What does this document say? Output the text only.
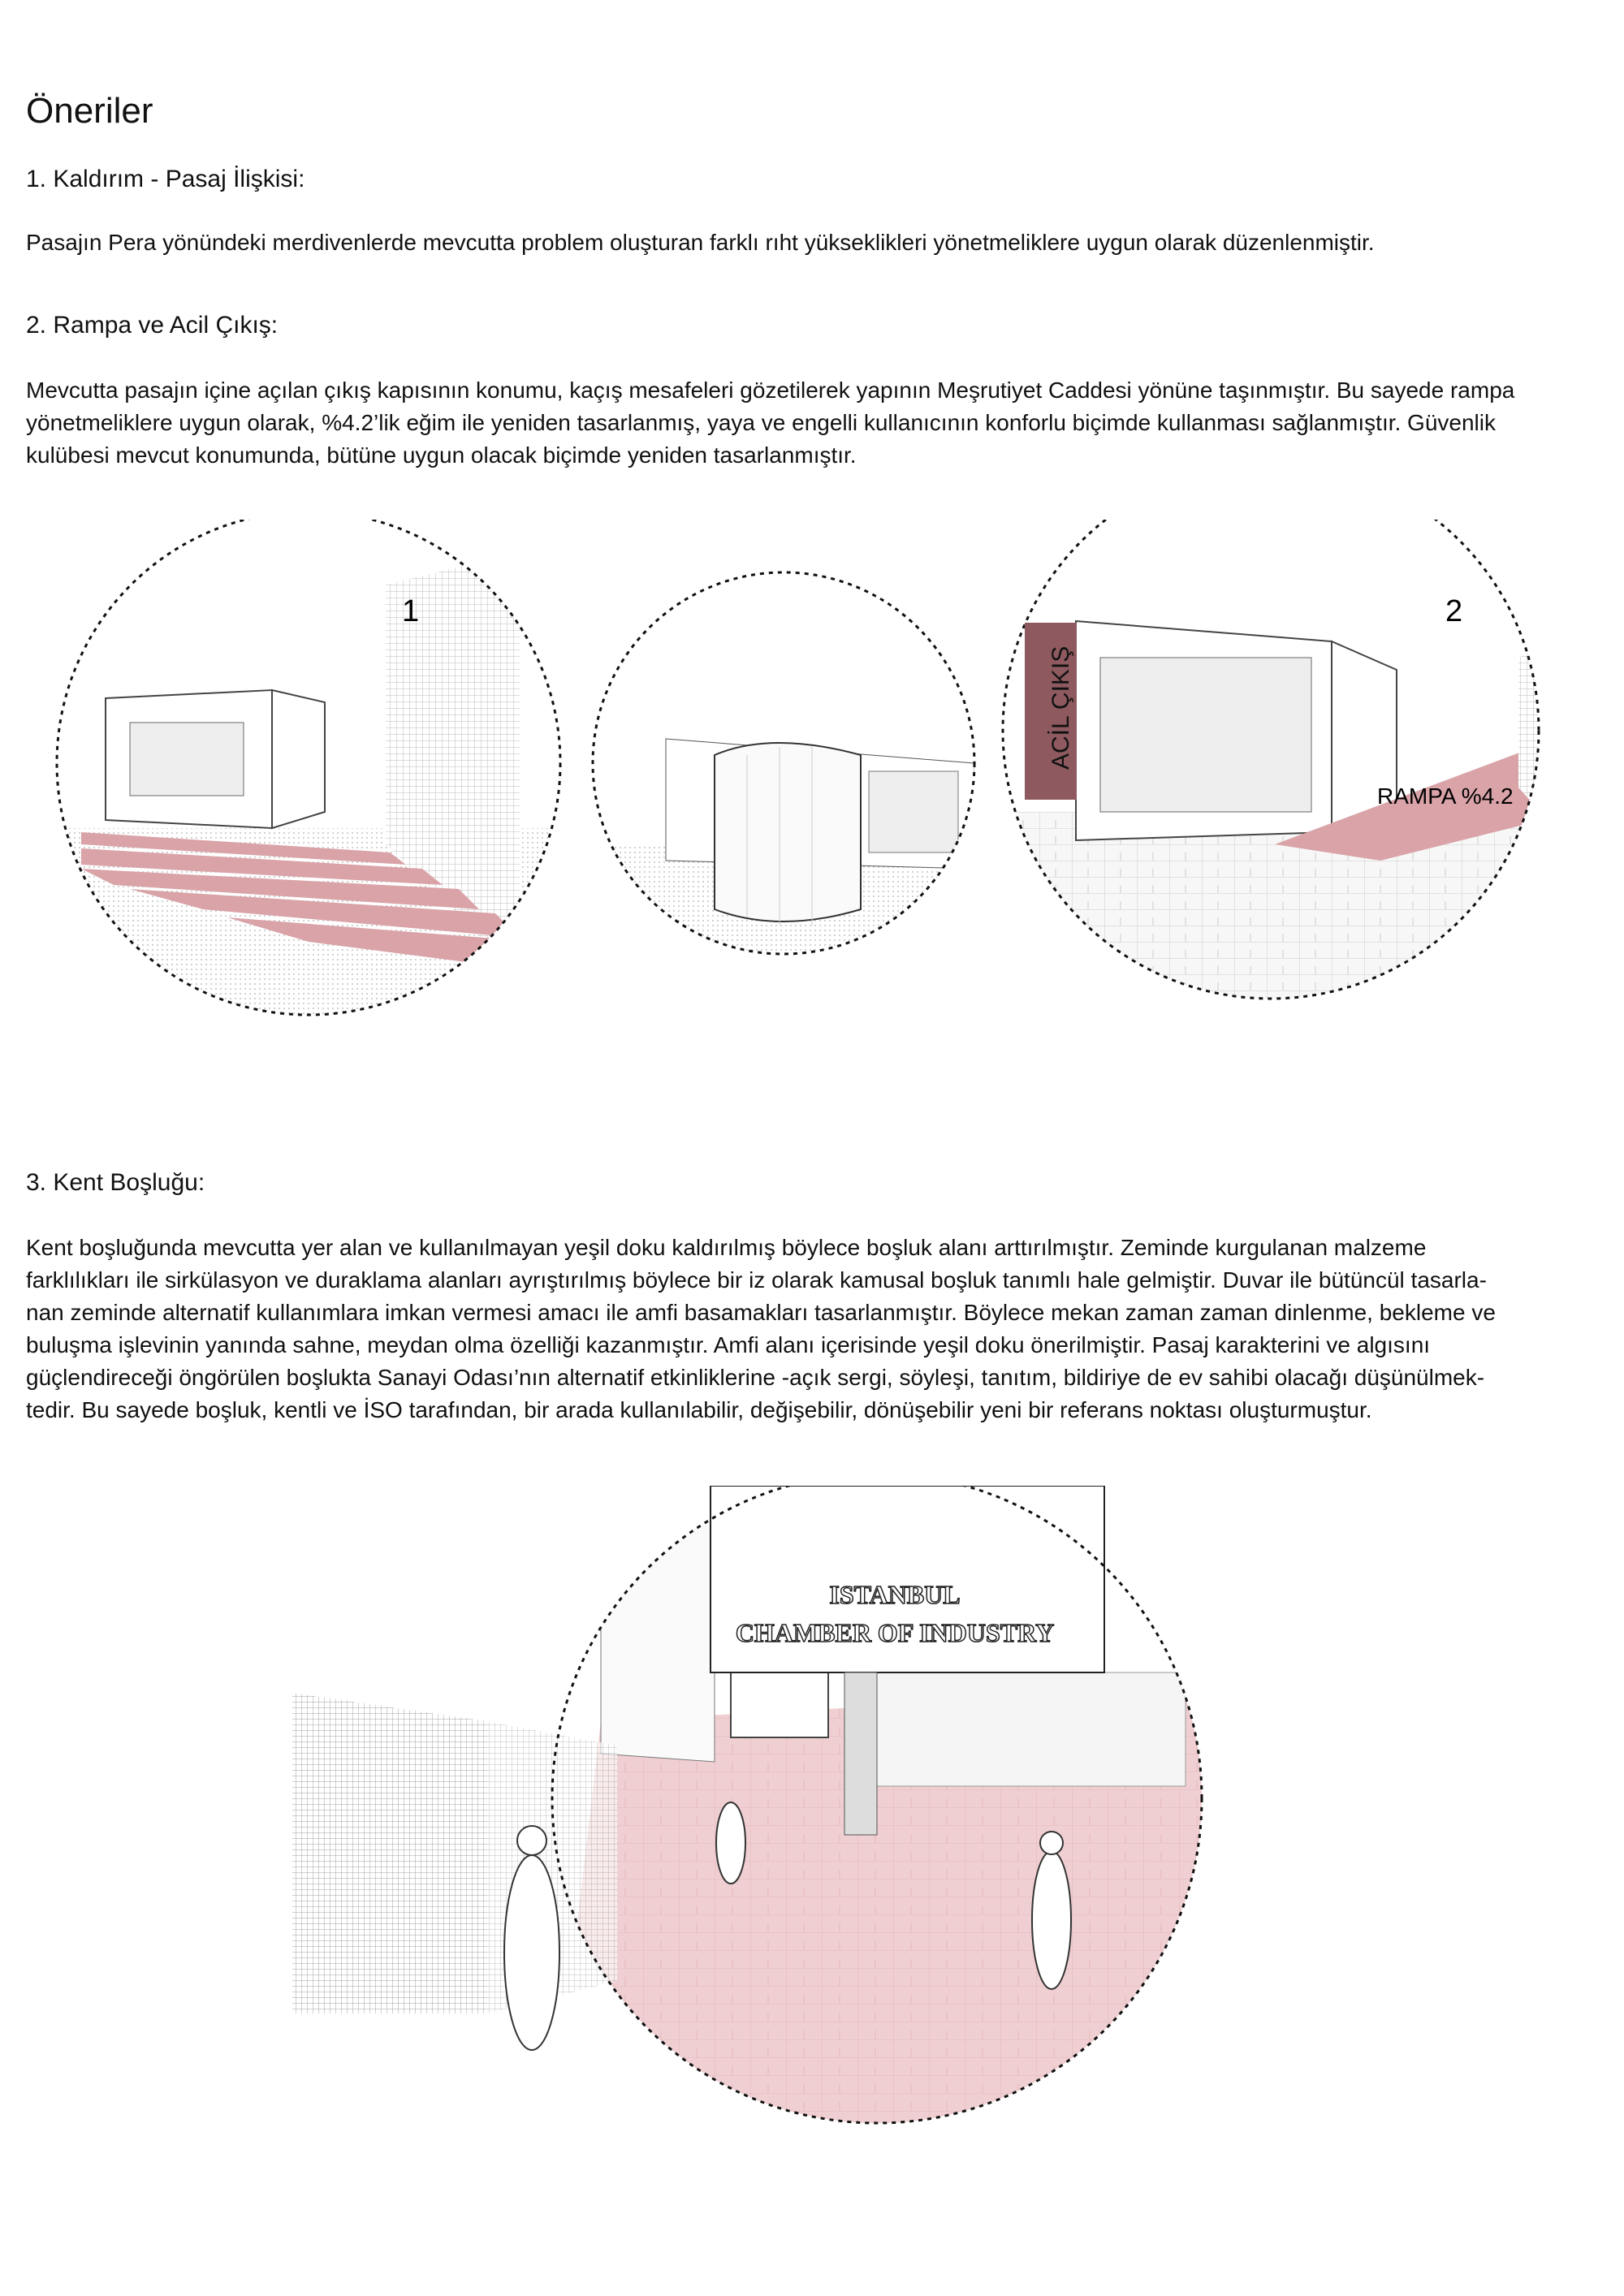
Öneriler
1. Kaldırım - Pasaj İlişkisi:
Pasajın Pera yönündeki merdivenlerde mevcutta problem oluşturan farklı rıht yükseklikleri yönetmeliklere uygun olarak düzenlenmiştir.
2. Rampa ve Acil Çıkış:
Mevcutta pasajın içine açılan çıkış kapısının konumu, kaçış mesafeleri gözetilerek yapının Meşrutiyet Caddesi yönüne taşınmıştır. Bu sayede rampa
yönetmeliklere uygun olarak, %4.2’lik eğim ile yeniden tasarlanmış, yaya ve engelli kullanıcının konforlu biçimde kullanması sağlanmıştır. Güvenlik
kulübesi mevcut konumunda, bütüne uygun olacak biçimde yeniden tasarlanmıştır.
1
ACİL ÇIKIŞ
2
RAMPA %4.2
3. Kent Boşluğu:
Kent boşluğunda mevcutta yer alan ve kullanılmayan yeşil doku kaldırılmış böylece boşluk alanı arttırılmıştır. Zeminde kurgulanan malzeme
farklılıkları ile sirkülasyon ve duraklama alanları ayrıştırılmış böylece bir iz olarak kamusal boşluk tanımlı hale gelmiştir. Duvar ile bütüncül tasarla-
nan zeminde alternatif kullanımlara imkan vermesi amacı ile amfi basamakları tasarlanmıştır. Böylece mekan zaman zaman dinlenme, bekleme ve
buluşma işlevinin yanında sahne, meydan olma özelliği kazanmıştır. Amfi alanı içerisinde yeşil doku önerilmiştir. Pasaj karakterini ve algısını
güçlendireceği öngörülen boşlukta Sanayi Odası’nın alternatif etkinliklerine -açık sergi, söyleşi, tanıtım, bildiriye de ev sahibi olacağı düşünülmek-
tedir. Bu sayede boşluk, kentli ve İSO tarafından, bir arada kullanılabilir, değişebilir, dönüşebilir yeni bir referans noktası oluşturmuştur.
ISTANBUL
CHAMBER OF INDUSTRY
